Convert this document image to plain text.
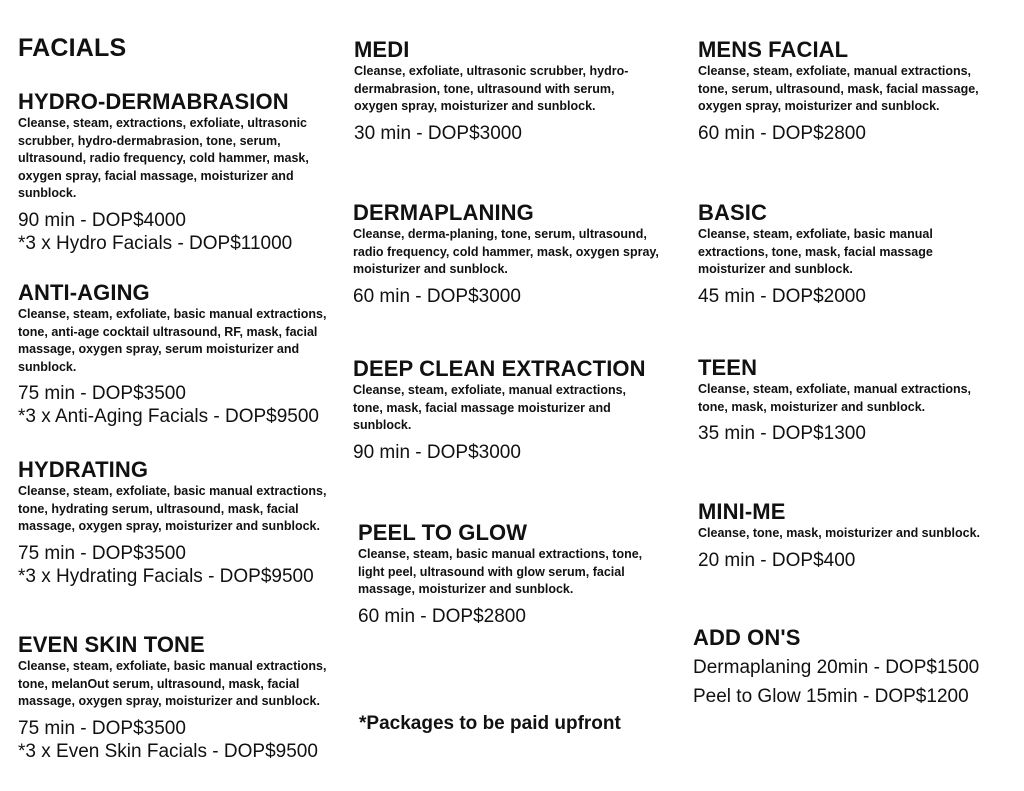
FACIALS
HYDRO-DERMABRASION
Cleanse, steam, extractions, exfoliate, ultrasonic scrubber, hydro-dermabrasion, tone, serum, ultrasound, radio frequency, cold hammer, mask, oxygen spray, facial massage, moisturizer and sunblock.
90 min - DOP$4000
*3 x Hydro Facials - DOP$11000
ANTI-AGING
Cleanse, steam, exfoliate, basic manual extractions, tone, anti-age cocktail ultrasound, RF, mask, facial massage, oxygen spray, serum moisturizer and sunblock.
75 min - DOP$3500
*3 x Anti-Aging Facials - DOP$9500
HYDRATING
Cleanse, steam, exfoliate, basic manual extractions, tone, hydrating serum, ultrasound, mask, facial massage, oxygen spray, moisturizer and sunblock.
75 min - DOP$3500
*3 x Hydrating Facials - DOP$9500
EVEN SKIN TONE
Cleanse, steam, exfoliate, basic manual extractions, tone, melanOut serum, ultrasound, mask, facial massage, oxygen spray, moisturizer and sunblock.
75 min - DOP$3500
*3 x Even Skin Facials - DOP$9500
MEDI
Cleanse, exfoliate, ultrasonic scrubber, hydro-dermabrasion, tone, ultrasound with serum, oxygen spray, moisturizer and sunblock.
30 min - DOP$3000
DERMAPLANING
Cleanse, derma-planing, tone, serum, ultrasound, radio frequency, cold hammer, mask, oxygen spray, moisturizer and sunblock.
60 min - DOP$3000
DEEP CLEAN EXTRACTION
Cleanse, steam, exfoliate, manual extractions, tone, mask, facial massage moisturizer and sunblock.
90 min - DOP$3000
PEEL TO GLOW
Cleanse, steam, basic manual extractions, tone, light peel, ultrasound with glow serum, facial massage, moisturizer and sunblock.
60 min - DOP$2800
*Packages to be paid upfront
MENS FACIAL
Cleanse, steam, exfoliate, manual extractions, tone, serum, ultrasound, mask, facial massage, oxygen spray, moisturizer and sunblock.
60 min - DOP$2800
BASIC
Cleanse, steam, exfoliate, basic manual extractions, tone, mask, facial massage moisturizer and sunblock.
45 min - DOP$2000
TEEN
Cleanse, steam, exfoliate, manual extractions, tone, mask, moisturizer and sunblock.
35 min - DOP$1300
MINI-ME
Cleanse, tone, mask, moisturizer and sunblock.
20 min - DOP$400
ADD ON'S
Dermaplaning 20min - DOP$1500
Peel to Glow 15min - DOP$1200
